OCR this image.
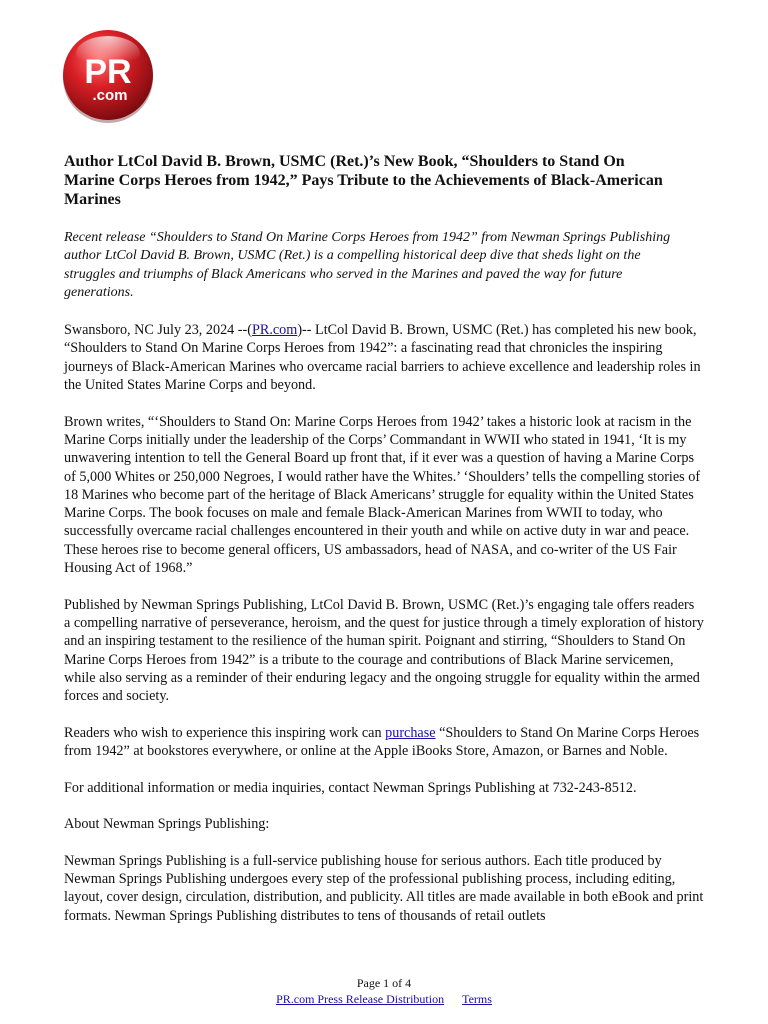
PR
.com
Author LtCol David B. Brown, USMC (Ret.)’s New Book, “Shoulders to Stand On Marine Corps Heroes from 1942,” Pays Tribute to the Achievements of Black-American Marines
Recent release “Shoulders to Stand On Marine Corps Heroes from 1942” from Newman Springs Publishing author LtCol David B. Brown, USMC (Ret.) is a compelling historical deep dive that sheds light on the struggles and triumphs of Black Americans who served in the Marines and paved the way for future generations.

Swansboro, NC July 23, 2024 --(PR.com)-- LtCol David B. Brown, USMC (Ret.) has completed his new book, “Shoulders to Stand On Marine Corps Heroes from 1942”: a fascinating read that chronicles the inspiring journeys of Black-American Marines who overcame racial barriers to achieve excellence and leadership roles in the United States Marine Corps and beyond.

Brown writes, “‘Shoulders to Stand On: Marine Corps Heroes from 1942’ takes a historic look at racism in the Marine Corps initially under the leadership of the Corps’ Commandant in WWII who stated in 1941, ‘It is my unwavering intention to tell the General Board up front that, if it ever was a question of having a Marine Corps of 5,000 Whites or 250,000 Negroes, I would rather have the Whites.’ ‘Shoulders’ tells the compelling stories of 18 Marines who become part of the heritage of Black Americans’ struggle for equality within the United States Marine Corps. The book focuses on male and female Black-American Marines from WWII to today, who successfully overcame racial challenges encountered in their youth and while on active duty in war and peace. These heroes rise to become general officers, US ambassadors, head of NASA, and co-writer of the US Fair Housing Act of 1968.”

Published by Newman Springs Publishing, LtCol David B. Brown, USMC (Ret.)’s engaging tale offers readers a compelling narrative of perseverance, heroism, and the quest for justice through a timely exploration of history and an inspiring testament to the resilience of the human spirit. Poignant and stirring, “Shoulders to Stand On Marine Corps Heroes from 1942” is a tribute to the courage and contributions of Black Marine servicemen, while also serving as a reminder of their enduring legacy and the ongoing struggle for equality within the armed forces and society.

Readers who wish to experience this inspiring work can purchase “Shoulders to Stand On Marine Corps Heroes from 1942” at bookstores everywhere, or online at the Apple iBooks Store, Amazon, or Barnes and Noble.

For additional information or media inquiries, contact Newman Springs Publishing at 732-243-8512.

About Newman Springs Publishing:

Newman Springs Publishing is a full-service publishing house for serious authors. Each title produced by Newman Springs Publishing undergoes every step of the professional publishing process, including editing, layout, cover design, circulation, distribution, and publicity. All titles are made available in both eBook and print formats. Newman Springs Publishing distributes to tens of thousands of retail outlets

Page 1 of 4
PR.com Press Release Distribution Terms
